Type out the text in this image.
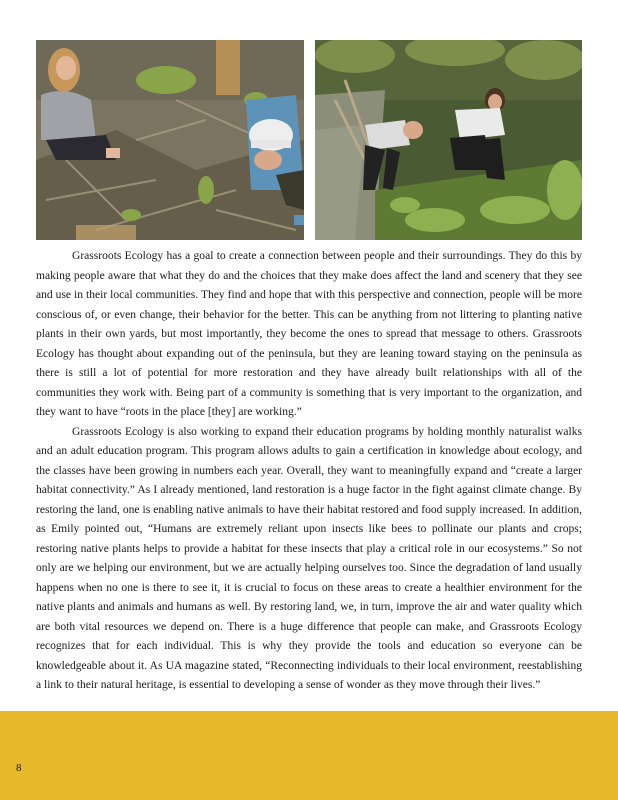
Grassroots Ecology has a goal to create a connection between people and their surroundings. They do this by making people aware that what they do and the choices that they make does affect the land and scenery that they see and use in their local communities. They find and hope that with this perspective and connection, people will be more conscious of, or even change, their behavior for the better. This can be anything from not littering to planting native plants in their own yards, but most importantly, they become the ones to spread that message to others. Grassroots Ecology has thought about expanding out of the peninsula, but they are leaning toward staying on the peninsula as there is still a lot of potential for more restoration and they have already built relationships with all of the communities they work with. Being part of a community is something that is very important to the organization, and they want to have “roots in the place [they] are working.”

Grassroots Ecology is also working to expand their education programs by holding monthly naturalist walks and an adult education program. This program allows adults to gain a certification in knowledge about ecology, and the classes have been growing in numbers each year. Overall, they want to meaningfully expand and “create a larger habitat connectivity.” As I already mentioned, land restoration is a huge factor in the fight against climate change. By restoring the land, one is enabling native animals to have their habitat restored and food supply increased. In addition, as Emily pointed out, “Humans are extremely reliant upon insects like bees to pollinate our plants and crops; restoring native plants helps to provide a habitat for these insects that play a critical role in our ecosystems.” So not only are we helping our environment, but we are actually helping ourselves too. Since the degradation of land usually happens when no one is there to see it, it is crucial to focus on these areas to create a healthier environment for the native plants and animals and humans as well. By restoring land, we, in turn, improve the air and water quality which are both vital resources we depend on. There is a huge difference that people can make, and Grassroots Ecology recognizes that for each individual. This is why they provide the tools and education so everyone can be knowledgeable about it. As UA magazine stated, “Reconnecting individuals to their local environment, reestablishing a link to their natural heritage, is essential to developing a sense of wonder as they move through their lives.”

8
